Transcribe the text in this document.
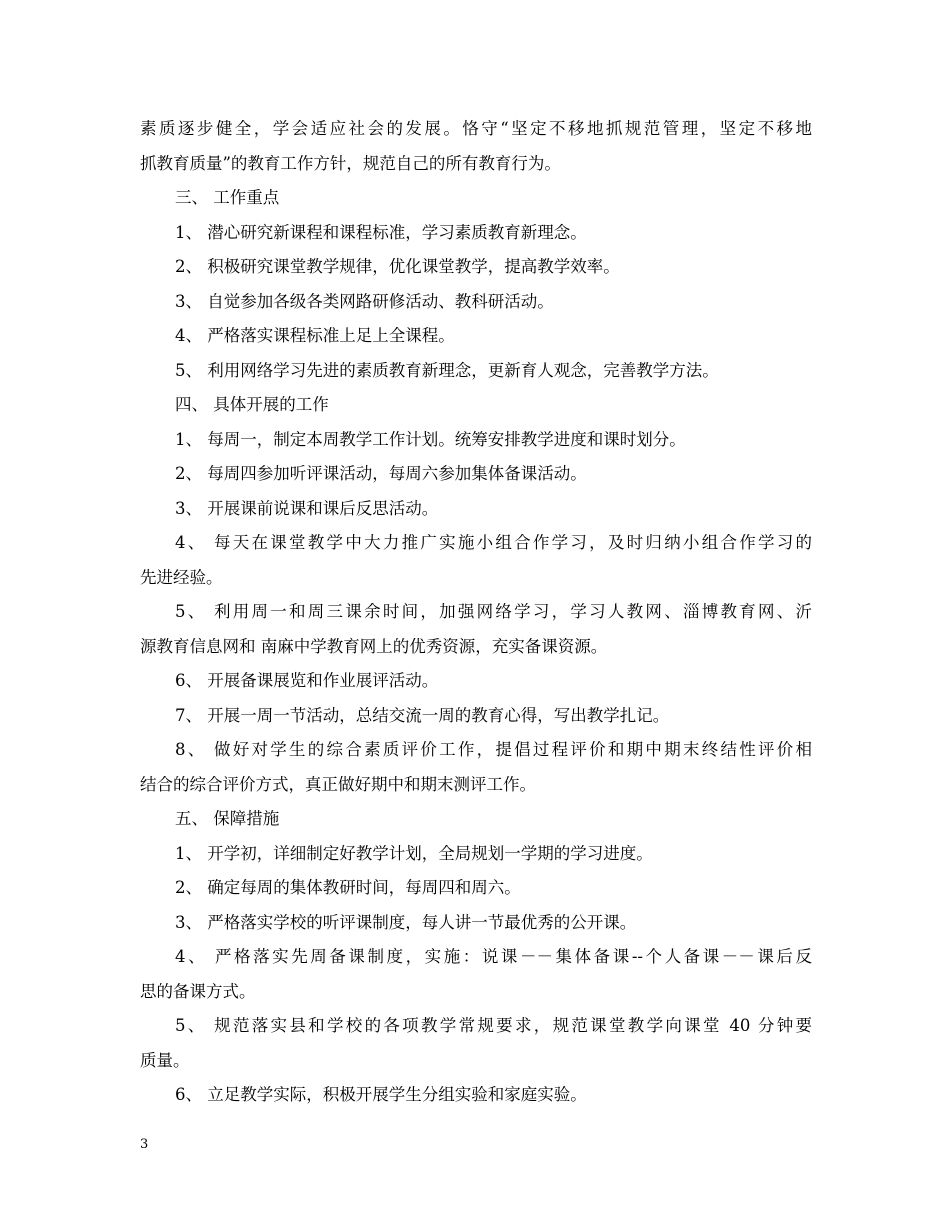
素质逐步健全，学会适应社会的发展。恪守“坚定不移地抓规范管理，坚定不移地
抓教育质量”的教育工作方针，规范自己的所有教育行为。
三、 工作重点
1、 潜心研究新课程和课程标准，学习素质教育新理念。
2、 积极研究课堂教学规律，优化课堂教学，提高教学效率。
3、 自觉参加各级各类网路研修活动、教科研活动。
4、 严格落实课程标准上足上全课程。
5、 利用网络学习先进的素质教育新理念，更新育人观念，完善教学方法。
四、 具体开展的工作
1、 每周一，制定本周教学工作计划。统筹安排教学进度和课时划分。
2、 每周四参加听评课活动，每周六参加集体备课活动。
3、 开展课前说课和课后反思活动。
4、 每天在课堂教学中大力推广实施小组合作学习，及时归纳小组合作学习的
先进经验。
5、 利用周一和周三课余时间，加强网络学习，学习人教网、淄博教育网、沂
源教育信息网和 南麻中学教育网上的优秀资源，充实备课资源。
6、 开展备课展览和作业展评活动。
7、 开展一周一节活动，总结交流一周的教育心得，写出教学扎记。
8、 做好对学生的综合素质评价工作，提倡过程评价和期中期末终结性评价相
结合的综合评价方式，真正做好期中和期末测评工作。
五、 保障措施
1、 开学初，详细制定好教学计划，全局规划一学期的学习进度。
2、 确定每周的集体教研时间，每周四和周六。
3、 严格落实学校的听评课制度，每人讲一节最优秀的公开课。
4、 严格落实先周备课制度，实施：说课－－集体备课--个人备课－－课后反
思的备课方式。
5、 规范落实县和学校的各项教学常规要求，规范课堂教学向课堂 40 分钟要
质量。
6、 立足教学实际，积极开展学生分组实验和家庭实验。
3
